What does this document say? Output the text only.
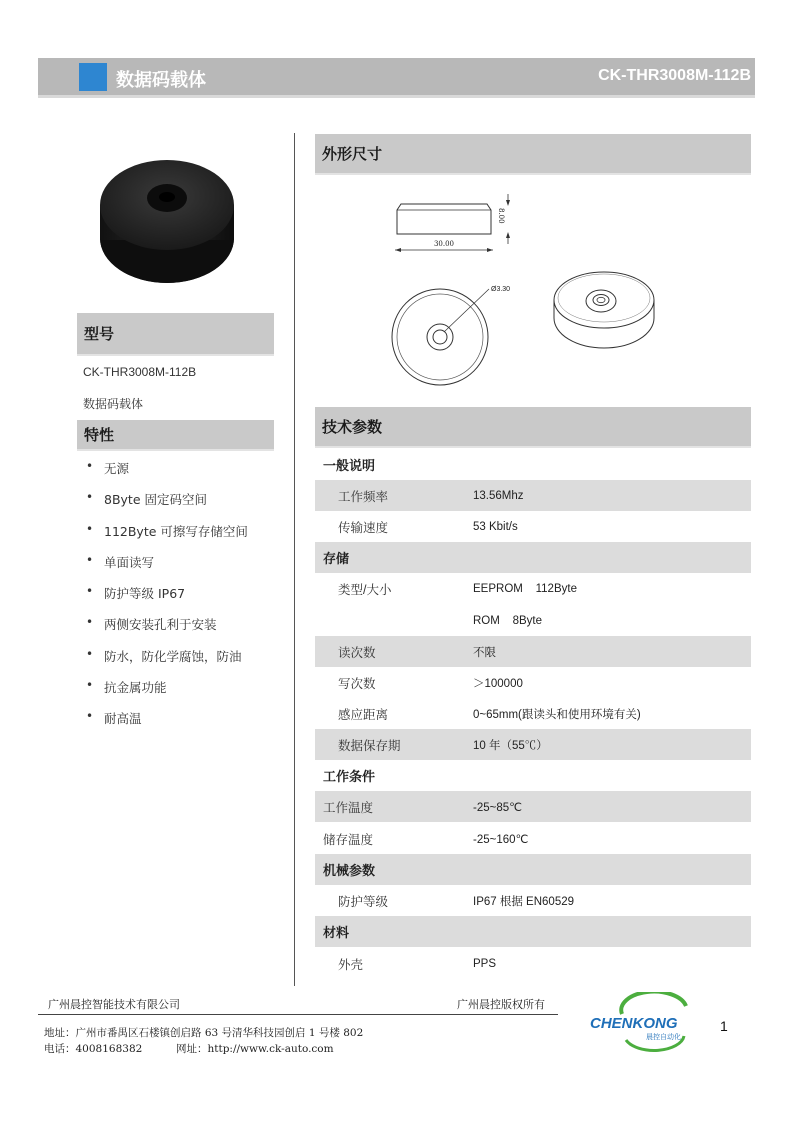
数据码载体	CK-THR3008M-112B
型号
CK-THR3008M-112B
数据码载体
特性
• 无源
• 8Byte 固定码空间
• 112Byte 可擦写存储空间
• 单面读写
• 防护等级 IP67
• 两侧安装孔利于安装
• 防水，防化学腐蚀，防油
• 抗金属功能
• 耐高温
外形尺寸
30.00
8.00
Ø3.30
技术参数
一般说明
工作频率	13.56Mhz
传输速度	53 Kbit/s
存储
类型/大小	EEPROM    112Byte
ROM    8Byte
读次数	不限
写次数	＞100000
感应距离	0~65mm(跟读头和使用环境有关)
数据保存期	10 年（55℃）
工作条件
工作温度	-25~85℃
储存温度	-25~160℃
机械参数
防护等级	IP67 根据 EN60529
材料
外壳	PPS
广州晨控智能技术有限公司	广州晨控版权所有
地址：广州市番禺区石楼镇创启路 63 号清华科技园创启 1 号楼 802
电话：4008168382	网址：http://www.ck-auto.com
CHENKONG
晨控自动化
1
